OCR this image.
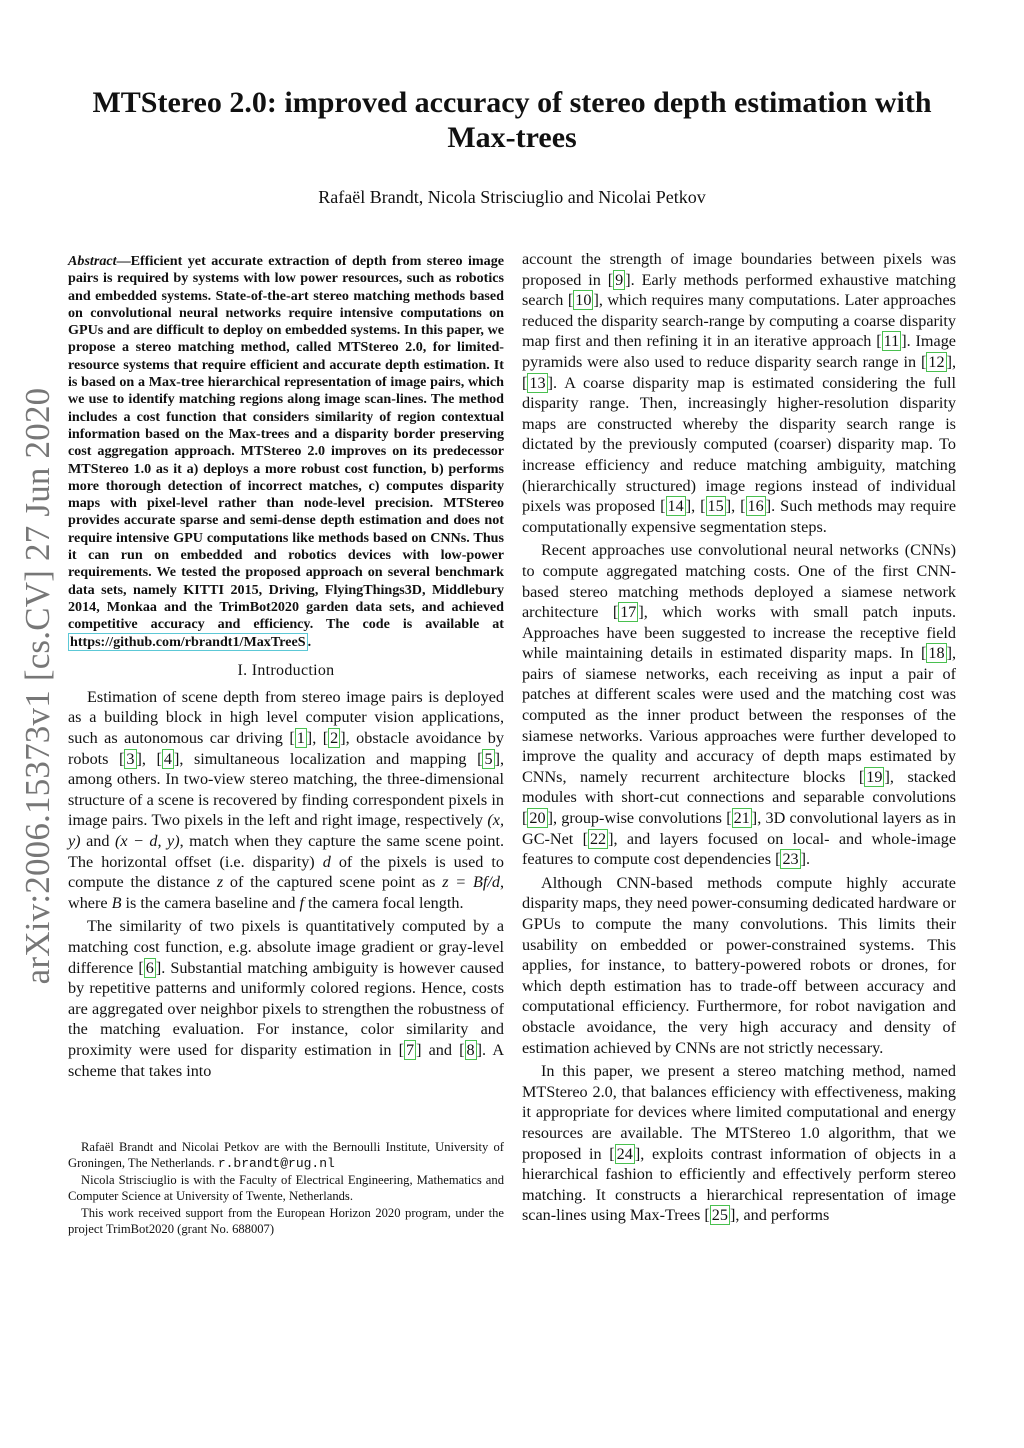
arXiv:2006.15373v1 [cs.CV] 27 Jun 2020
MTStereo 2.0: improved accuracy of stereo depth estimation with Max-trees
Rafaël Brandt, Nicola Strisciuglio and Nicolai Petkov

Abstract—Efficient yet accurate extraction of depth from stereo image pairs is required by systems with low power resources, such as robotics and embedded systems. State-of-the-art stereo matching methods based on convolutional neural networks require intensive computations on GPUs and are difficult to deploy on embedded systems. In this paper, we propose a stereo matching method, called MTStereo 2.0, for limited-resource systems that require efficient and accurate depth estimation. It is based on a Max-tree hierarchical representation of image pairs, which we use to identify matching regions along image scan-lines. The method includes a cost function that considers similarity of region contextual information based on the Max-trees and a disparity border preserving cost aggregation approach. MTStereo 2.0 improves on its predecessor MTStereo 1.0 as it a) deploys a more robust cost function, b) performs more thorough detection of incorrect matches, c) computes disparity maps with pixel-level rather than node-level precision. MTStereo provides accurate sparse and semi-dense depth estimation and does not require intensive GPU computations like methods based on CNNs. Thus it can run on embedded and robotics devices with low-power requirements. We tested the proposed approach on several benchmark data sets, namely KITTI 2015, Driving, FlyingThings3D, Middlebury 2014, Monkaa and the TrimBot2020 garden data sets, and achieved competitive accuracy and efficiency. The code is available at https://github.com/rbrandt1/MaxTreeS .

I. Introduction

Estimation of scene depth from stereo image pairs is deployed as a building block in high level computer vision applications, such as autonomous car driving [ 1 ], [ 2 ], obstacle avoidance by robots [ 3 ], [ 4 ], simultaneous localization and mapping [ 5 ], among others. In two-view stereo matching, the three-dimensional structure of a scene is recovered by finding correspondent pixels in image pairs. Two pixels in the left and right image, respectively (x, y) and (x − d, y), match when they capture the same scene point. The horizontal offset (i.e. disparity) d of the pixels is used to compute the distance z of the captured scene point as z = Bf/d, where B is the camera baseline and f the camera focal length.

The similarity of two pixels is quantitatively computed by a matching cost function, e.g. absolute image gradient or gray-level difference [ 6 ]. Substantial matching ambiguity is however caused by repetitive patterns and uniformly colored regions. Hence, costs are aggregated over neighbor pixels to strengthen the robustness of the matching evaluation. For instance, color similarity and proximity were used for disparity estimation in [ 7 ] and [ 8 ]. A scheme that takes into

Rafaël Brandt and Nicolai Petkov are with the Bernoulli Institute, University of Groningen, The Netherlands. r.brandt@rug.nl

Nicola Strisciuglio is with the Faculty of Electrical Engineering, Mathematics and Computer Science at University of Twente, Netherlands.

This work received support from the European Horizon 2020 program, under the project TrimBot2020 (grant No. 688007)

account the strength of image boundaries between pixels was proposed in [ 9 ]. Early methods performed exhaustive matching search [ 10 ], which requires many computations. Later approaches reduced the disparity search-range by computing a coarse disparity map first and then refining it in an iterative approach [ 11 ]. Image pyramids were also used to reduce disparity search range in [ 12 ], [ 13 ]. A coarse disparity map is estimated considering the full disparity range. Then, increasingly higher-resolution disparity maps are constructed whereby the disparity search range is dictated by the previously computed (coarser) disparity map. To increase efficiency and reduce matching ambiguity, matching (hierarchically structured) image regions instead of individual pixels was proposed [ 14 ], [ 15 ], [ 16 ]. Such methods may require computationally expensive segmentation steps.

Recent approaches use convolutional neural networks (CNNs) to compute aggregated matching costs. One of the first CNN-based stereo matching methods deployed a siamese network architecture [ 17 ], which works with small patch inputs. Approaches have been suggested to increase the receptive field while maintaining details in estimated disparity maps. In [ 18 ], pairs of siamese networks, each receiving as input a pair of patches at different scales were used and the matching cost was computed as the inner product between the responses of the siamese networks. Various approaches were further developed to improve the quality and accuracy of depth maps estimated by CNNs, namely recurrent architecture blocks [ 19 ], stacked modules with short-cut connections and separable convolutions [ 20 ], group-wise convolutions [ 21 ], 3D convolutional layers as in GC-Net [ 22 ], and layers focused on local- and whole-image features to compute cost dependencies [ 23 ].

Although CNN-based methods compute highly accurate disparity maps, they need power-consuming dedicated hardware or GPUs to compute the many convolutions. This limits their usability on embedded or power-constrained systems. This applies, for instance, to battery-powered robots or drones, for which depth estimation has to trade-off between accuracy and computational efficiency. Furthermore, for robot navigation and obstacle avoidance, the very high accuracy and density of estimation achieved by CNNs are not strictly necessary.

In this paper, we present a stereo matching method, named MTStereo 2.0, that balances efficiency with effectiveness, making it appropriate for devices where limited computational and energy resources are available. The MTStereo 1.0 algorithm, that we proposed in [ 24 ], exploits contrast information of objects in a hierarchical fashion to efficiently and effectively perform stereo matching. It constructs a hierarchical representation of image scan-lines using Max-Trees [ 25 ], and performs
